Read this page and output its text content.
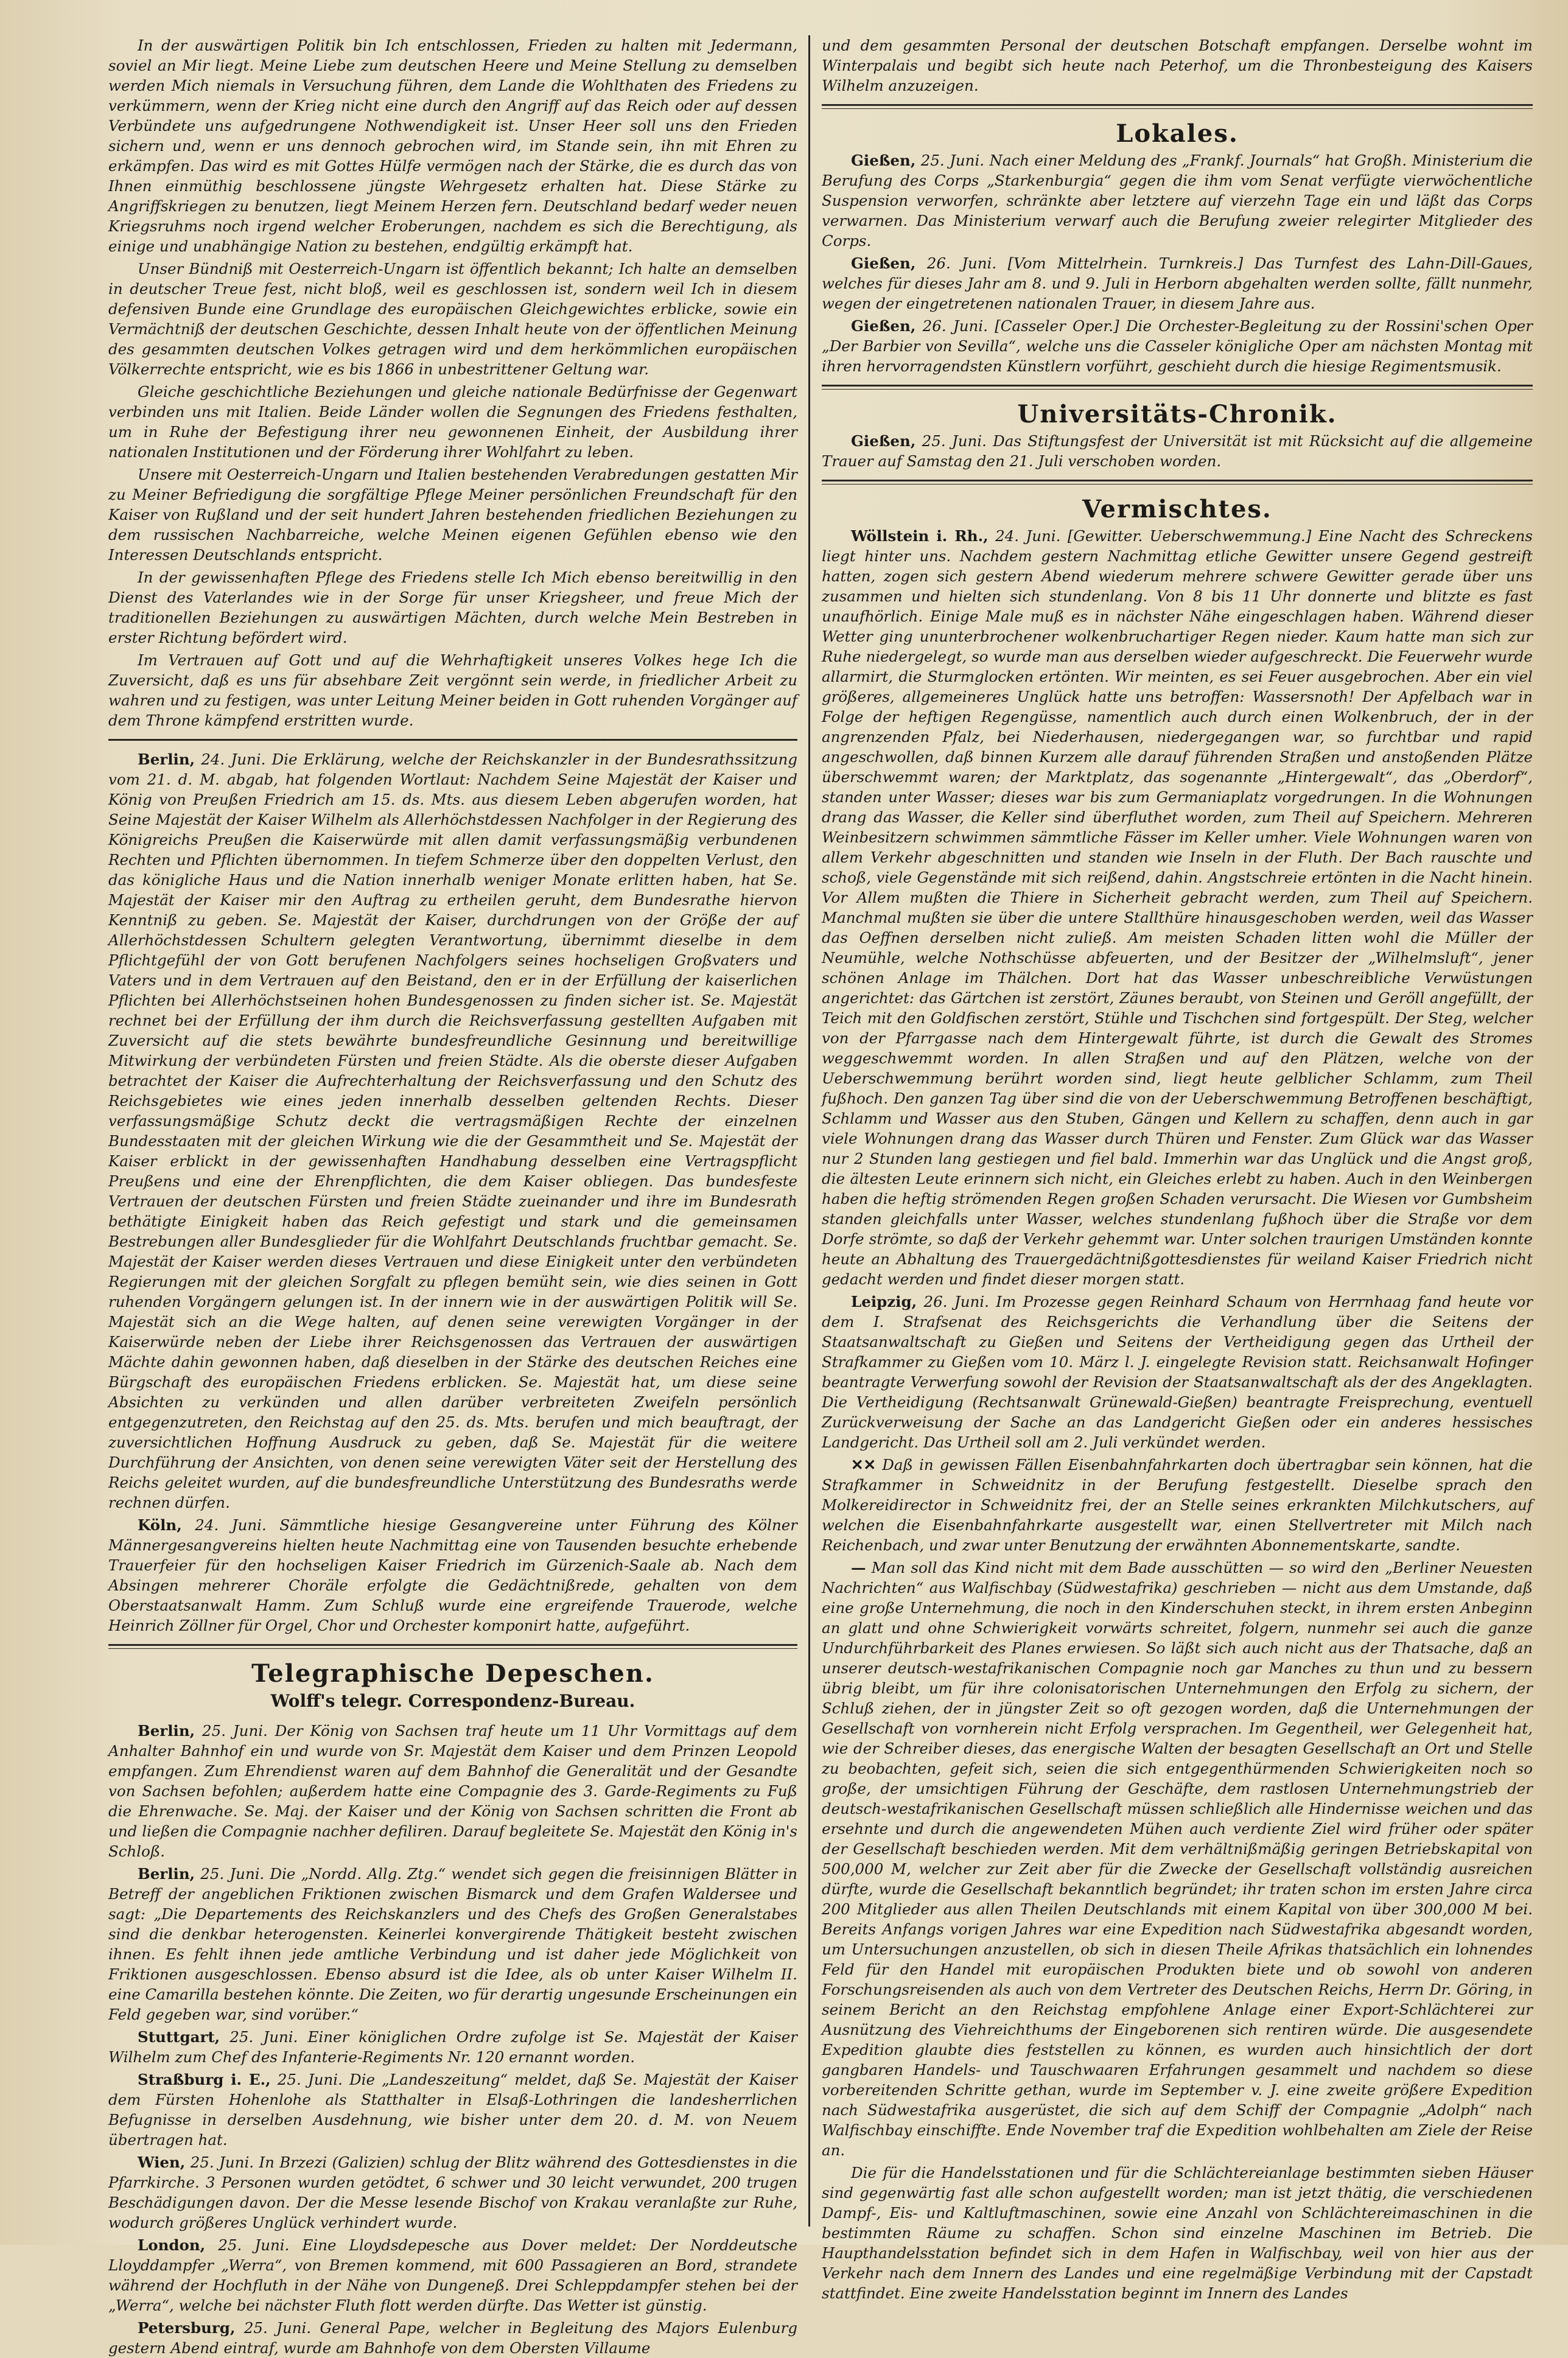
In der auswärtigen Politik bin Ich entschlossen, Frieden zu halten mit Jedermann, soviel an Mir liegt. Meine Liebe zum deutschen Heere und Meine Stellung zu demselben werden Mich niemals in Versuchung führen, dem Lande die Wohlthaten des Friedens zu verkümmern, wenn der Krieg nicht eine durch den Angriff auf das Reich oder auf dessen Verbündete uns aufgedrungene Nothwendigkeit ist. Unser Heer soll uns den Frieden sichern und, wenn er uns dennoch gebrochen wird, im Stande sein, ihn mit Ehren zu erkämpfen. Das wird es mit Gottes Hülfe vermögen nach der Stärke, die es durch das von Ihnen einmüthig beschlossene jüngste Wehrgesetz erhalten hat. Diese Stärke zu Angriffskriegen zu benutzen, liegt Meinem Herzen fern. Deutschland bedarf weder neuen Kriegsruhms noch irgend welcher Eroberungen, nachdem es sich die Berechtigung, als einige und unabhängige Nation zu bestehen, endgültig erkämpft hat.

Unser Bündniß mit Oesterreich-Ungarn ist öffentlich bekannt; Ich halte an demselben in deutscher Treue fest, nicht bloß, weil es geschlossen ist, sondern weil Ich in diesem defensiven Bunde eine Grundlage des europäischen Gleichgewichtes erblicke, sowie ein Vermächtniß der deutschen Geschichte, dessen Inhalt heute von der öffentlichen Meinung des gesammten deutschen Volkes getragen wird und dem herkömmlichen europäischen Völkerrechte entspricht, wie es bis 1866 in unbestrittener Geltung war.

Gleiche geschichtliche Beziehungen und gleiche nationale Bedürfnisse der Gegenwart verbinden uns mit Italien. Beide Länder wollen die Segnungen des Friedens festhalten, um in Ruhe der Befestigung ihrer neu gewonnenen Einheit, der Ausbildung ihrer nationalen Institutionen und der Förderung ihrer Wohlfahrt zu leben.

Unsere mit Oesterreich-Ungarn und Italien bestehenden Verabredungen gestatten Mir zu Meiner Befriedigung die sorgfältige Pflege Meiner persönlichen Freundschaft für den Kaiser von Rußland und der seit hundert Jahren bestehenden friedlichen Beziehungen zu dem russischen Nachbarreiche, welche Meinen eigenen Gefühlen ebenso wie den Interessen Deutschlands entspricht.

In der gewissenhaften Pflege des Friedens stelle Ich Mich ebenso bereitwillig in den Dienst des Vaterlandes wie in der Sorge für unser Kriegsheer, und freue Mich der traditionellen Beziehungen zu auswärtigen Mächten, durch welche Mein Bestreben in erster Richtung befördert wird.

Im Vertrauen auf Gott und auf die Wehrhaftigkeit unseres Volkes hege Ich die Zuversicht, daß es uns für absehbare Zeit vergönnt sein werde, in friedlicher Arbeit zu wahren und zu festigen, was unter Leitung Meiner beiden in Gott ruhenden Vorgänger auf dem Throne kämpfend erstritten wurde.

Berlin, 24. Juni. Die Erklärung, welche der Reichskanzler in der Bundesrathssitzung vom 21. d. M. abgab, hat folgenden Wortlaut: Nachdem Seine Majestät der Kaiser und König von Preußen Friedrich am 15. ds. Mts. aus diesem Leben abgerufen worden, hat Seine Majestät der Kaiser Wilhelm als Allerhöchstdessen Nachfolger in der Regierung des Königreichs Preußen die Kaiserwürde mit allen damit verfassungsmäßig verbundenen Rechten und Pflichten übernommen. In tiefem Schmerze über den doppelten Verlust, den das königliche Haus und die Nation innerhalb weniger Monate erlitten haben, hat Se. Majestät der Kaiser mir den Auftrag zu ertheilen geruht, dem Bundesrathe hiervon Kenntniß zu geben. Se. Majestät der Kaiser, durchdrungen von der Größe der auf Allerhöchstdessen Schultern gelegten Verantwortung, übernimmt dieselbe in dem Pflichtgefühl der von Gott berufenen Nachfolgers seines hochseligen Großvaters und Vaters und in dem Vertrauen auf den Beistand, den er in der Erfüllung der kaiserlichen Pflichten bei Allerhöchstseinen hohen Bundesgenossen zu finden sicher ist. Se. Majestät rechnet bei der Erfüllung der ihm durch die Reichsverfassung gestellten Aufgaben mit Zuversicht auf die stets bewährte bundesfreundliche Gesinnung und bereitwillige Mitwirkung der verbündeten Fürsten und freien Städte. Als die oberste dieser Aufgaben betrachtet der Kaiser die Aufrechterhaltung der Reichsverfassung und den Schutz des Reichsgebietes wie eines jeden innerhalb desselben geltenden Rechts. Dieser verfassungsmäßige Schutz deckt die vertragsmäßigen Rechte der einzelnen Bundesstaaten mit der gleichen Wirkung wie die der Gesammtheit und Se. Majestät der Kaiser erblickt in der gewissenhaften Handhabung desselben eine Vertragspflicht Preußens und eine der Ehrenpflichten, die dem Kaiser obliegen. Das bundesfeste Vertrauen der deutschen Fürsten und freien Städte zueinander und ihre im Bundesrath bethätigte Einigkeit haben das Reich gefestigt und stark und die gemeinsamen Bestrebungen aller Bundesglieder für die Wohlfahrt Deutschlands fruchtbar gemacht. Se. Majestät der Kaiser werden dieses Vertrauen und diese Einigkeit unter den verbündeten Regierungen mit der gleichen Sorgfalt zu pflegen bemüht sein, wie dies seinen in Gott ruhenden Vorgängern gelungen ist. In der innern wie in der auswärtigen Politik will Se. Majestät sich an die Wege halten, auf denen seine verewigten Vorgänger in der Kaiserwürde neben der Liebe ihrer Reichsgenossen das Vertrauen der auswärtigen Mächte dahin gewonnen haben, daß dieselben in der Stärke des deutschen Reiches eine Bürgschaft des europäischen Friedens erblicken. Se. Majestät hat, um diese seine Absichten zu verkünden und allen darüber verbreiteten Zweifeln persönlich entgegenzutreten, den Reichstag auf den 25. ds. Mts. berufen und mich beauftragt, der zuversichtlichen Hoffnung Ausdruck zu geben, daß Se. Majestät für die weitere Durchführung der Ansichten, von denen seine verewigten Väter seit der Herstellung des Reichs geleitet wurden, auf die bundesfreundliche Unterstützung des Bundesraths werde rechnen dürfen.

Köln, 24. Juni. Sämmtliche hiesige Gesangvereine unter Führung des Kölner Männergesangvereins hielten heute Nachmittag eine von Tausenden besuchte erhebende Trauerfeier für den hochseligen Kaiser Friedrich im Gürzenich-Saale ab. Nach dem Absingen mehrerer Choräle erfolgte die Gedächtnißrede, gehalten von dem Oberstaatsanwalt Hamm. Zum Schluß wurde eine ergreifende Trauerode, welche Heinrich Zöllner für Orgel, Chor und Orchester komponirt hatte, aufgeführt.

Telegraphische Depeschen.
Wolff's telegr. Correspondenz-Bureau.

Berlin, 25. Juni. Der König von Sachsen traf heute um 11 Uhr Vormittags auf dem Anhalter Bahnhof ein und wurde von Sr. Majestät dem Kaiser und dem Prinzen Leopold empfangen. Zum Ehrendienst waren auf dem Bahnhof die Generalität und der Gesandte von Sachsen befohlen; außerdem hatte eine Compagnie des 3. Garde-Regiments zu Fuß die Ehrenwache. Se. Maj. der Kaiser und der König von Sachsen schritten die Front ab und ließen die Compagnie nachher defiliren. Darauf begleitete Se. Majestät den König in's Schloß.

Berlin, 25. Juni. Die „Nordd. Allg. Ztg.“ wendet sich gegen die freisinnigen Blätter in Betreff der angeblichen Friktionen zwischen Bismarck und dem Grafen Waldersee und sagt: „Die Departements des Reichskanzlers und des Chefs des Großen Generalstabes sind die denkbar heterogensten. Keinerlei konvergirende Thätigkeit besteht zwischen ihnen. Es fehlt ihnen jede amtliche Verbindung und ist daher jede Möglichkeit von Friktionen ausgeschlossen. Ebenso absurd ist die Idee, als ob unter Kaiser Wilhelm II. eine Camarilla bestehen könnte. Die Zeiten, wo für derartig ungesunde Erscheinungen ein Feld gegeben war, sind vorüber.“

Stuttgart, 25. Juni. Einer königlichen Ordre zufolge ist Se. Majestät der Kaiser Wilhelm zum Chef des Infanterie-Regiments Nr. 120 ernannt worden.

Straßburg i. E., 25. Juni. Die „Landeszeitung“ meldet, daß Se. Majestät der Kaiser dem Fürsten Hohenlohe als Statthalter in Elsaß-Lothringen die landesherrlichen Befugnisse in derselben Ausdehnung, wie bisher unter dem 20. d. M. von Neuem übertragen hat.

Wien, 25. Juni. In Brzezi (Galizien) schlug der Blitz während des Gottesdienstes in die Pfarrkirche. 3 Personen wurden getödtet, 6 schwer und 30 leicht verwundet, 200 trugen Beschädigungen davon. Der die Messe lesende Bischof von Krakau veranlaßte zur Ruhe, wodurch größeres Unglück verhindert wurde.

London, 25. Juni. Eine Lloydsdepesche aus Dover meldet: Der Norddeutsche Lloyddampfer „Werra“, von Bremen kommend, mit 600 Passagieren an Bord, strandete während der Hochfluth in der Nähe von Dungeneß. Drei Schleppdampfer stehen bei der „Werra“, welche bei nächster Fluth flott werden dürfte. Das Wetter ist günstig.

Petersburg, 25. Juni. General Pape, welcher in Begleitung des Majors Eulenburg gestern Abend eintraf, wurde am Bahnhofe von dem Obersten Villaume

und dem gesammten Personal der deutschen Botschaft empfangen. Derselbe wohnt im Winterpalais und begibt sich heute nach Peterhof, um die Thronbesteigung des Kaisers Wilhelm anzuzeigen.

Lokales.

Gießen, 25. Juni. Nach einer Meldung des „Frankf. Journals“ hat Großh. Ministerium die Berufung des Corps „Starkenburgia“ gegen die ihm vom Senat verfügte vierwöchentliche Suspension verworfen, schränkte aber letztere auf vierzehn Tage ein und läßt das Corps verwarnen. Das Ministerium verwarf auch die Berufung zweier relegirter Mitglieder des Corps.

Gießen, 26. Juni. [Vom Mittelrhein. Turnkreis.] Das Turnfest des Lahn-Dill-Gaues, welches für dieses Jahr am 8. und 9. Juli in Herborn abgehalten werden sollte, fällt nunmehr, wegen der eingetretenen nationalen Trauer, in diesem Jahre aus.

Gießen, 26. Juni. [Casseler Oper.] Die Orchester-Begleitung zu der Rossini'schen Oper „Der Barbier von Sevilla“, welche uns die Casseler königliche Oper am nächsten Montag mit ihren hervorragendsten Künstlern vorführt, geschieht durch die hiesige Regimentsmusik.

Universitäts-Chronik.

Gießen, 25. Juni. Das Stiftungsfest der Universität ist mit Rücksicht auf die allgemeine Trauer auf Samstag den 21. Juli verschoben worden.

Vermischtes.

Wöllstein i. Rh., 24. Juni. [Gewitter. Ueberschwemmung.] Eine Nacht des Schreckens liegt hinter uns. Nachdem gestern Nachmittag etliche Gewitter unsere Gegend gestreift hatten, zogen sich gestern Abend wiederum mehrere schwere Gewitter gerade über uns zusammen und hielten sich stundenlang. Von 8 bis 11 Uhr donnerte und blitzte es fast unaufhörlich. Einige Male muß es in nächster Nähe eingeschlagen haben. Während dieser Wetter ging ununterbrochener wolkenbruchartiger Regen nieder. Kaum hatte man sich zur Ruhe niedergelegt, so wurde man aus derselben wieder aufgeschreckt. Die Feuerwehr wurde allarmirt, die Sturmglocken ertönten. Wir meinten, es sei Feuer ausgebrochen. Aber ein viel größeres, allgemeineres Unglück hatte uns betroffen: Wassersnoth! Der Apfelbach war in Folge der heftigen Regengüsse, namentlich auch durch einen Wolkenbruch, der in der angrenzenden Pfalz, bei Niederhausen, niedergegangen war, so furchtbar und rapid angeschwollen, daß binnen Kurzem alle darauf führenden Straßen und anstoßenden Plätze überschwemmt waren; der Marktplatz, das sogenannte „Hintergewalt“, das „Oberdorf“, standen unter Wasser; dieses war bis zum Germaniaplatz vorgedrungen. In die Wohnungen drang das Wasser, die Keller sind überfluthet worden, zum Theil auf Speichern. Mehreren Weinbesitzern schwimmen sämmtliche Fässer im Keller umher. Viele Wohnungen waren von allem Verkehr abgeschnitten und standen wie Inseln in der Fluth. Der Bach rauschte und schoß, viele Gegenstände mit sich reißend, dahin. Angstschreie ertönten in die Nacht hinein. Vor Allem mußten die Thiere in Sicherheit gebracht werden, zum Theil auf Speichern. Manchmal mußten sie über die untere Stallthüre hinausgeschoben werden, weil das Wasser das Oeffnen derselben nicht zuließ. Am meisten Schaden litten wohl die Müller der Neumühle, welche Nothschüsse abfeuerten, und der Besitzer der „Wilhelmsluft“, jener schönen Anlage im Thälchen. Dort hat das Wasser unbeschreibliche Verwüstungen angerichtet: das Gärtchen ist zerstört, Zäunes beraubt, von Steinen und Geröll angefüllt, der Teich mit den Goldfischen zerstört, Stühle und Tischchen sind fortgespült. Der Steg, welcher von der Pfarrgasse nach dem Hintergewalt führte, ist durch die Gewalt des Stromes weggeschwemmt worden. In allen Straßen und auf den Plätzen, welche von der Ueberschwemmung berührt worden sind, liegt heute gelblicher Schlamm, zum Theil fußhoch. Den ganzen Tag über sind die von der Ueberschwemmung Betroffenen beschäftigt, Schlamm und Wasser aus den Stuben, Gängen und Kellern zu schaffen, denn auch in gar viele Wohnungen drang das Wasser durch Thüren und Fenster. Zum Glück war das Wasser nur 2 Stunden lang gestiegen und fiel bald. Immerhin war das Unglück und die Angst groß, die ältesten Leute erinnern sich nicht, ein Gleiches erlebt zu haben. Auch in den Weinbergen haben die heftig strömenden Regen großen Schaden verursacht. Die Wiesen vor Gumbsheim standen gleichfalls unter Wasser, welches stundenlang fußhoch über die Straße vor dem Dorfe strömte, so daß der Verkehr gehemmt war. Unter solchen traurigen Umständen konnte heute an Abhaltung des Trauergedächtnißgottesdienstes für weiland Kaiser Friedrich nicht gedacht werden und findet dieser morgen statt.

Leipzig, 26. Juni. Im Prozesse gegen Reinhard Schaum von Herrnhaag fand heute vor dem I. Strafsenat des Reichsgerichts die Verhandlung über die Seitens der Staatsanwaltschaft zu Gießen und Seitens der Vertheidigung gegen das Urtheil der Strafkammer zu Gießen vom 10. März l. J. eingelegte Revision statt. Reichsanwalt Hofinger beantragte Verwerfung sowohl der Revision der Staatsanwaltschaft als der des Angeklagten. Die Vertheidigung (Rechtsanwalt Grünewald-Gießen) beantragte Freisprechung, eventuell Zurückverweisung der Sache an das Landgericht Gießen oder ein anderes hessisches Landgericht. Das Urtheil soll am 2. Juli verkündet werden.

✕✕ Daß in gewissen Fällen Eisenbahnfahrkarten doch übertragbar sein können, hat die Strafkammer in Schweidnitz in der Berufung festgestellt. Dieselbe sprach den Molkereidirector in Schweidnitz frei, der an Stelle seines erkrankten Milchkutschers, auf welchen die Eisenbahnfahrkarte ausgestellt war, einen Stellvertreter mit Milch nach Reichenbach, und zwar unter Benutzung der erwähnten Abonnementskarte, sandte.

— Man soll das Kind nicht mit dem Bade ausschütten — so wird den „Berliner Neuesten Nachrichten“ aus Walfischbay (Südwestafrika) geschrieben — nicht aus dem Umstande, daß eine große Unternehmung, die noch in den Kinderschuhen steckt, in ihrem ersten Anbeginn an glatt und ohne Schwierigkeit vorwärts schreitet, folgern, nunmehr sei auch die ganze Undurchführbarkeit des Planes erwiesen. So läßt sich auch nicht aus der Thatsache, daß an unserer deutsch-westafrikanischen Compagnie noch gar Manches zu thun und zu bessern übrig bleibt, um für ihre colonisatorischen Unternehmungen den Erfolg zu sichern, der Schluß ziehen, der in jüngster Zeit so oft gezogen worden, daß die Unternehmungen der Gesellschaft von vornherein nicht Erfolg versprachen. Im Gegentheil, wer Gelegenheit hat, wie der Schreiber dieses, das energische Walten der besagten Gesellschaft an Ort und Stelle zu beobachten, gefeit sich, seien die sich entgegenthürmenden Schwierigkeiten noch so große, der umsichtigen Führung der Geschäfte, dem rastlosen Unternehmungstrieb der deutsch-westafrikanischen Gesellschaft müssen schließlich alle Hindernisse weichen und das ersehnte und durch die angewendeten Mühen auch verdiente Ziel wird früher oder später der Gesellschaft beschieden werden. Mit dem verhältnißmäßig geringen Betriebskapital von 500,000 M, welcher zur Zeit aber für die Zwecke der Gesellschaft vollständig ausreichen dürfte, wurde die Gesellschaft bekanntlich begründet; ihr traten schon im ersten Jahre circa 200 Mitglieder aus allen Theilen Deutschlands mit einem Kapital von über 300,000 M bei. Bereits Anfangs vorigen Jahres war eine Expedition nach Südwestafrika abgesandt worden, um Untersuchungen anzustellen, ob sich in diesen Theile Afrikas thatsächlich ein lohnendes Feld für den Handel mit europäischen Produkten biete und ob sowohl von anderen Forschungsreisenden als auch von dem Vertreter des Deutschen Reichs, Herrn Dr. Göring, in seinem Bericht an den Reichstag empfohlene Anlage einer Export-Schlächterei zur Ausnützung des Viehreichthums der Eingeborenen sich rentiren würde. Die ausgesendete Expedition glaubte dies feststellen zu können, es wurden auch hinsichtlich der dort gangbaren Handels- und Tauschwaaren Erfahrungen gesammelt und nachdem so diese vorbereitenden Schritte gethan, wurde im September v. J. eine zweite größere Expedition nach Südwestafrika ausgerüstet, die sich auf dem Schiff der Compagnie „Adolph“ nach Walfischbay einschiffte. Ende November traf die Expedition wohlbehalten am Ziele der Reise an.

Die für die Handelsstationen und für die Schlächtereianlage bestimmten sieben Häuser sind gegenwärtig fast alle schon aufgestellt worden; man ist jetzt thätig, die verschiedenen Dampf-, Eis- und Kaltluftmaschinen, sowie eine Anzahl von Schlächtereimaschinen in die bestimmten Räume zu schaffen. Schon sind einzelne Maschinen im Betrieb. Die Haupthandelsstation befindet sich in dem Hafen in Walfischbay, weil von hier aus der Verkehr nach dem Innern des Landes und eine regelmäßige Verbindung mit der Capstadt stattfindet. Eine zweite Handelsstation beginnt im Innern des Landes
